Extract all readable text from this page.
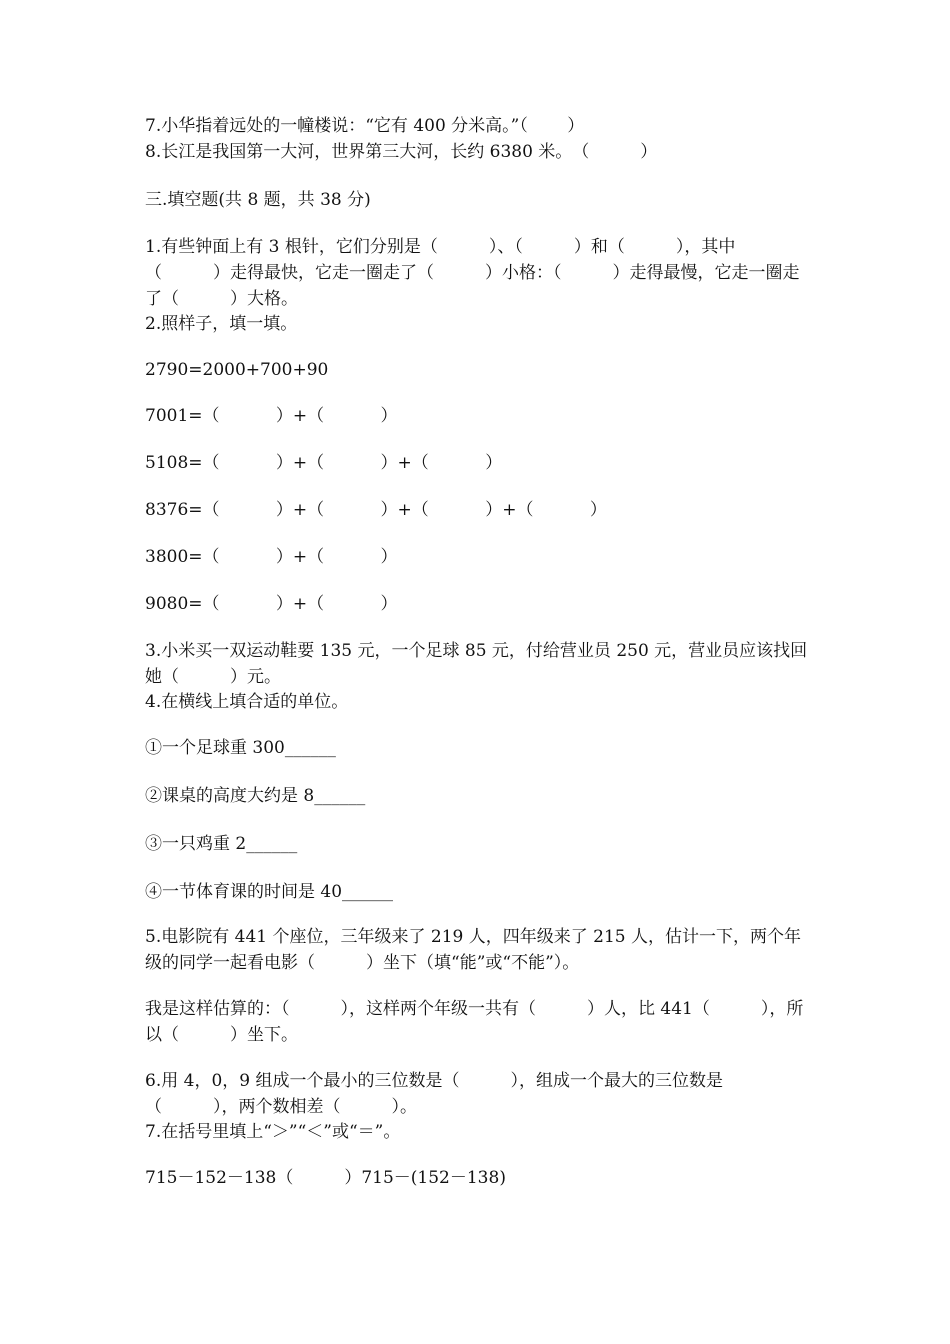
7.小华指着远处的一幢楼说：“它有 400 分米高。”（　　 ）
8.长江是我国第一大河，世界第三大河，长约 6380 米。　（　　　）
三.填空题(共 8 题，共 38 分)
1.有些钟面上有 3 根针，它们分别是（　　　）、（　　　）和（　　　），其中（　　　）走得最快，它走一圈走了（　　　）小格：（　　　）走得最慢，它走一圈走了（　　　）大格。
2.照样子，填一填。
2790=2000+700+90
7001=（　　　 ）+（　　　 ）
5108=（　　　 ）+（　　　 ）+（　　　 ）
8376=（　　　 ）+（　　　 ）+（　　　 ）+（　　　 ）
3800=（　　　 ）+（　　　 ）
9080=（　　　 ）+（　　　 ）
3.小米买一双运动鞋要 135 元，一个足球 85 元，付给营业员 250 元，营业员应该找回她（　　　）元。
4.在横线上填合适的单位。
①一个足球重 300______
②课桌的高度大约是 8______
③一只鸡重 2______
④一节体育课的时间是 40______
5.电影院有 441 个座位，三年级来了 219 人，四年级来了 215 人，估计一下，两个年级的同学一起看电影（　　　）坐下（填“能”或“不能”）。
我是这样估算的：（　　　），这样两个年级一共有（　　　）人，比 441（　　　），所以（　　　）坐下。
6.用 4，0，9 组成一个最小的三位数是（　　　），组成一个最大的三位数是（　　　），两个数相差（　　　）。
7.在括号里填上“＞”“＜”或“＝”。
715－152－138（　　　）715－(152－138)
